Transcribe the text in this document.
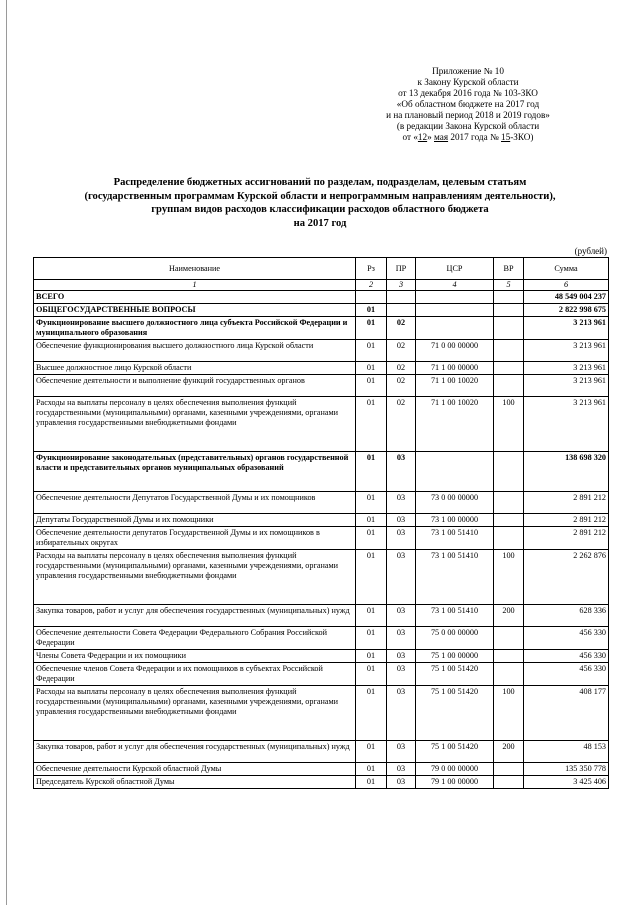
Приложение № 10
к Закону Курской области
от 13 декабря 2016 года № 103-ЗКО
«Об областном бюджете на 2017 год
и на плановый период 2018 и 2019 годов»
(в редакции Закона Курской области
от «12» мая 2017 года № 15-ЗКО)
Распределение бюджетных ассигнований по разделам, подразделам, целевым статьям
(государственным программам Курской области и непрограммным направлениям деятельности),
группам видов расходов классификации расходов областного бюджета
на 2017 год
(рублей)
Наименование	Рз	ПР	ЦСР	ВР	Сумма
1	2	3	4	5	6
ВСЕГО					48 549 004 237
ОБЩЕГОСУДАРСТВЕННЫЕ ВОПРОСЫ	01				2 822 998 675
Функционирование высшего должностного лица субъекта Российской Федерации и муниципального образования	01	02			3 213 961
Обеспечение функционирования высшего должностного лица Курской области	01	02	71 0 00 00000		3 213 961
Высшее должностное лицо Курской области	01	02	71 1 00 00000		3 213 961
Обеспечение деятельности и выполнение функций государственных органов	01	02	71 1 00 10020		3 213 961
Расходы на выплаты персоналу в целях обеспечения выполнения функций государственными (муниципальными) органами, казенными учреждениями, органами управления государственными внебюджетными фондами	01	02	71 1 00 10020	100	3 213 961
Функционирование законодательных (представительных) органов государственной власти и представительных органов муниципальных образований	01	03			138 698 320
Обеспечение деятельности Депутатов Государственной Думы и их помощников	01	03	73 0 00 00000		2 891 212
Депутаты Государственной Думы и их помощники	01	03	73 1 00 00000		2 891 212
Обеспечение деятельности депутатов Государственной Думы и их помощников в избирательных округах	01	03	73 1 00 51410		2 891 212
Расходы на выплаты персоналу в целях обеспечения выполнения функций государственными (муниципальными) органами, казенными учреждениями, органами управления государственными внебюджетными фондами	01	03	73 1 00 51410	100	2 262 876
Закупка товаров, работ и услуг для обеспечения государственных (муниципальных) нужд	01	03	73 1 00 51410	200	628 336
Обеспечение деятельности Совета Федерации Федерального Собрания Российской Федерации	01	03	75 0 00 00000		456 330
Члены Совета Федерации и их помощники	01	03	75 1 00 00000		456 330
Обеспечение членов Совета Федерации и их помощников в субъектах Российской Федерации	01	03	75 1 00 51420		456 330
Расходы на выплаты персоналу в целях обеспечения выполнения функций государственными (муниципальными) органами, казенными учреждениями, органами управления государственными внебюджетными фондами	01	03	75 1 00 51420	100	408 177
Закупка товаров, работ и услуг для обеспечения государственных (муниципальных) нужд	01	03	75 1 00 51420	200	48 153
Обеспечение деятельности Курской областной Думы	01	03	79 0 00 00000		135 350 778
Председатель Курской областной Думы	01	03	79 1 00 00000		3 425 406
